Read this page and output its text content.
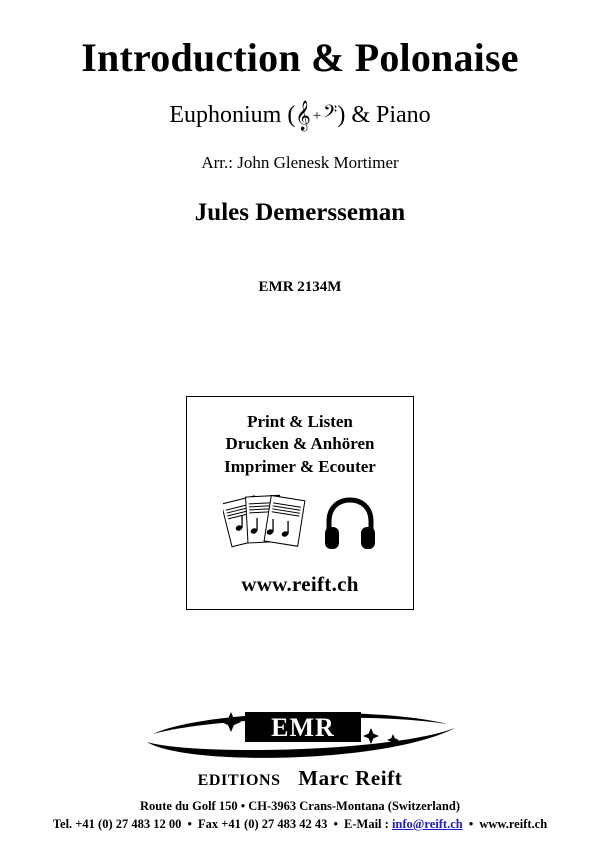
Introduction & Polonaise
Euphonium ( 𝄞 + 𝄢 ) & Piano
Arr.: John Glenesk Mortimer
Jules Demersseman
EMR 2134M
Print & Listen
Drucken & Anhören
Imprimer & Ecouter
www.reift.ch
EMR
EDITIONS Marc Reift
Route du Golf 150 • CH-3963 Crans-Montana (Switzerland)
Tel. +41 (0) 27 483 12 00 • Fax +41 (0) 27 483 42 43 • E-Mail : info@reift.ch • www.reift.ch
